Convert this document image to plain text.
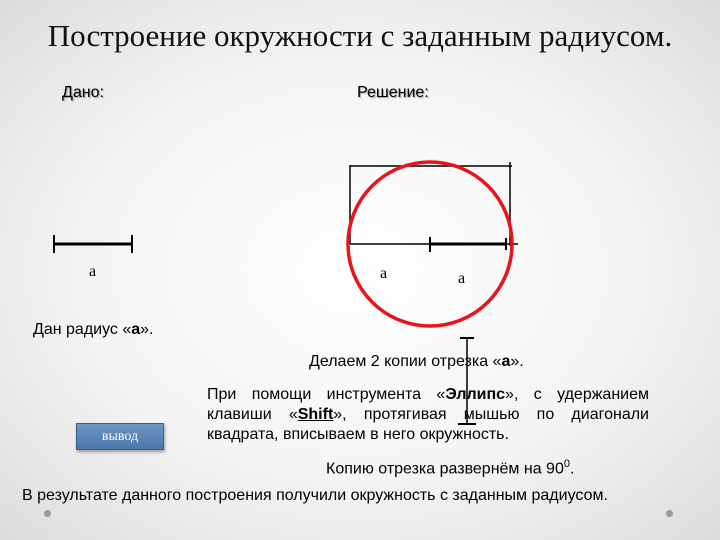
Построение окружности с заданным радиусом.
Дано:	Решение:
a	a	a
Дан радиус «a».
Делаем 2 копии отрезка «a».
При помощи инструмента «Эллипс», с удержанием клавиши «Shift», протягивая мышью по диагонали квадрата, вписываем в него окружность.
Копию отрезка развернём на $90^0$.
вывод
В результате данного построения получили окружность с заданным радиусом.
